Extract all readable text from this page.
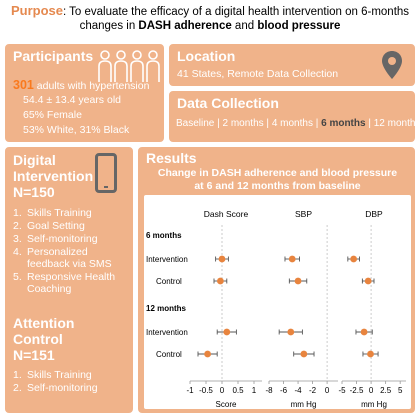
Purpose: To evaluate the efficacy of a digital health intervention on 6-months
changes in DASH adherence and blood pressure
Participants
301 adults with hypertension
54.4 ± 13.4 years old
65% Female
53% White, 31% Black
Location
41 States, Remote Data Collection
Data Collection
Baseline | 2 months | 4 months | 6 months | 12 months
Digital
Intervention
N=150
1. Skills Training
2. Goal Setting
3. Self-monitoring
4. Personalized feedback via SMS
5. Responsive Health Coaching
Attention
Control
N=151
1. Skills Training
2. Self-monitoring
Results
Change in DASH adherence and blood pressure
at 6 and 12 months from baseline
Dash Score
-1 -0.5 0 0.5 1
Score
SBP
-8 -6 -4 -2 0
mm Hg
DBP
-5 -2.5 0 2.5 5
mm Hg
6 months
Intervention
Control
12 months
Intervention
Control
